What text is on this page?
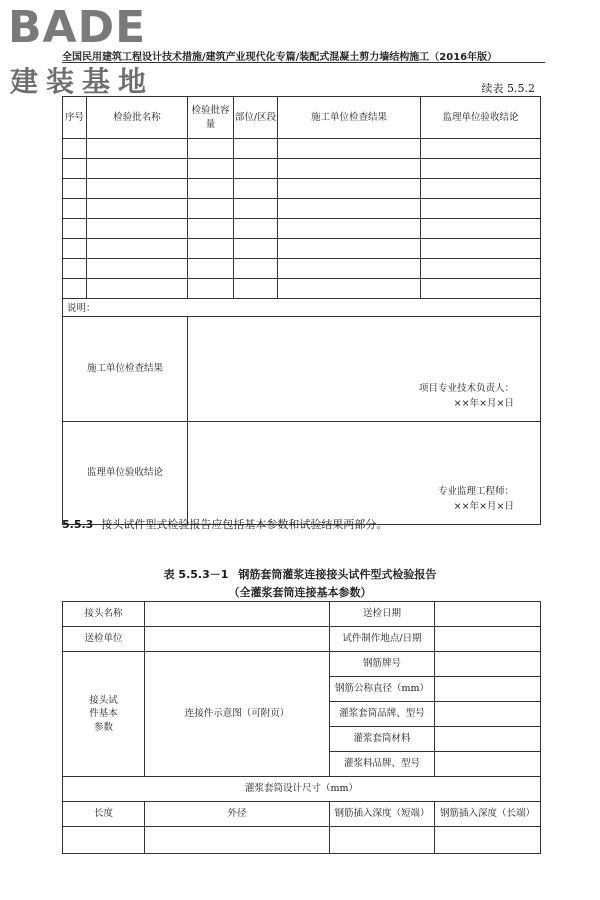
BADE
建装基地
全国民用建筑工程设计技术措施/建筑产业现代化专篇/装配式混凝土剪力墙结构施工（2016年版）
续表 5.5.2
序号	检验批名称	检验批容量	部位/区段	施工单位检查结果	监理单位验收结论

说明：					
施工单位检查结果		项目专业技术负责人：
××年×月×日			

监理单位验收结论		专业监理工程师：
××年×月×日			
5.5.3 接头试件型式检验报告应包括基本参数和试验结果两部分。
表 5.5.3－1 钢筋套筒灌浆连接接头试件型式检验报告
（全灌浆套筒连接基本参数）
接头名称		送检日期	
送检单位		试件制作地点/日期	
接头试件基本参数	连接件示意图（可附页）	钢筋牌号	
		钢筋公称直径（mm）	
		灌浆套筒品牌、型号	
		灌浆套筒材料	
		灌浆料品牌、型号	
灌浆套筒设计尺寸（mm）			
长度	外径	钢筋插入深度（短端）	钢筋插入深度（长端）
